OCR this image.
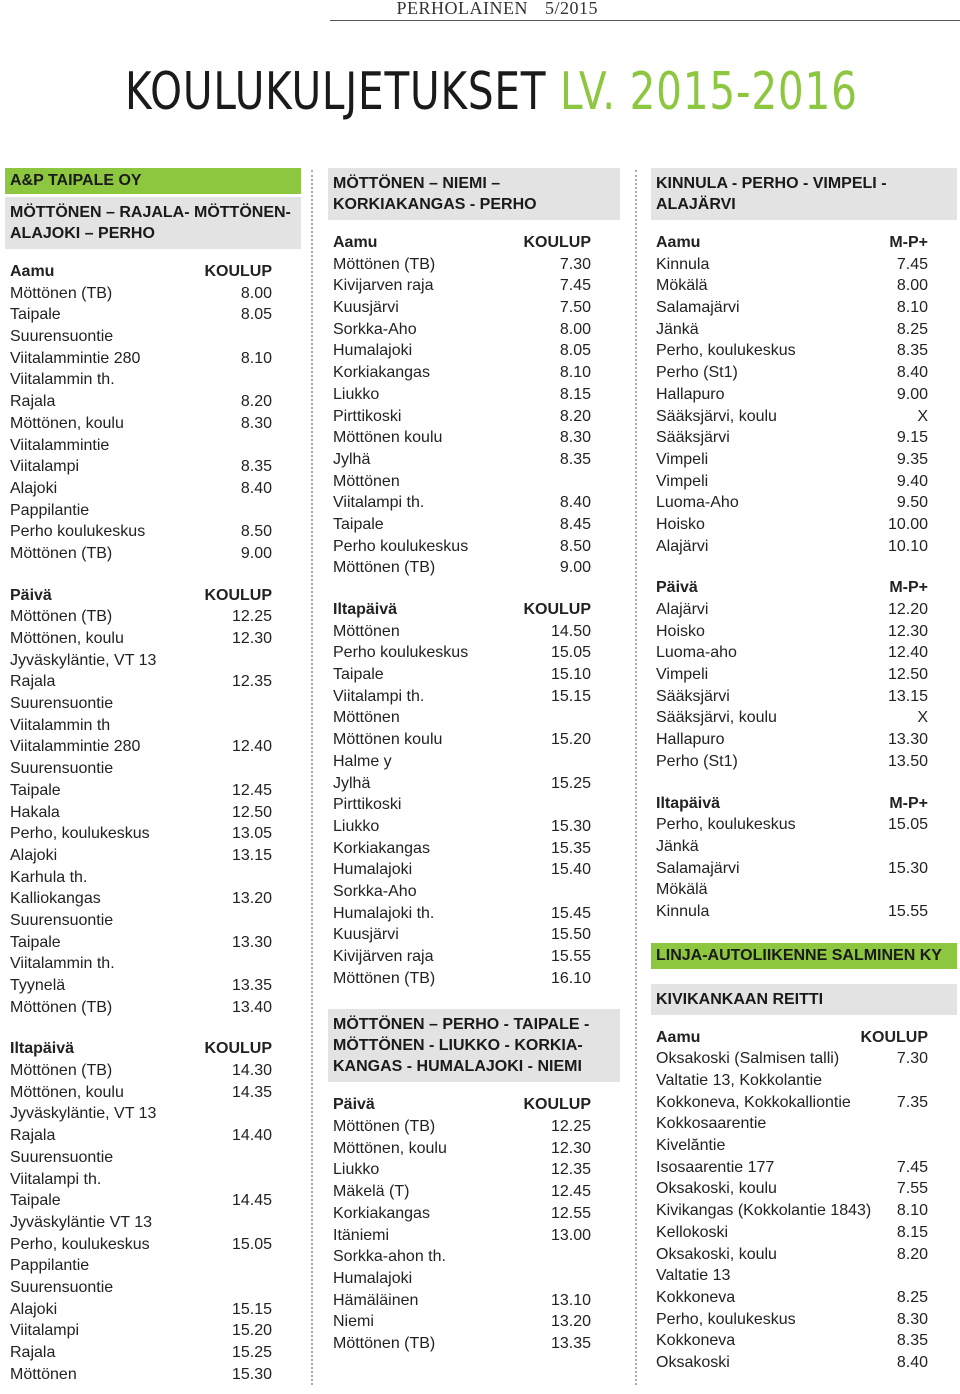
PERHOLAINEN 5/2015
KOULUKULJETUKSET LV. 2015-2016
A&P TAIPALE OY
MÖTTÖNEN – RAJALA- MÖTTÖNEN- ALAJOKI – PERHO
Aamu	KOULUP
Möttönen (TB)	8.00
Taipale	8.05
Suurensuontie
Viitalammintie 280	8.10
Viitalammin th.
Rajala	8.20
Möttönen, koulu	8.30
Viitalammintie
Viitalampi	8.35
Alajoki	8.40
Pappilantie
Perho koulukeskus	8.50
Möttönen (TB)	9.00
Päivä	KOULUP
Möttönen (TB)	12.25
Möttönen, koulu	12.30
Jyväskyläntie, VT 13
Rajala	12.35
Suurensuontie
Viitalammin th
Viitalammintie 280	12.40
Suurensuontie
Taipale	12.45
Hakala	12.50
Perho, koulukeskus	13.05
Alajoki	13.15
Karhula th.
Kalliokangas	13.20
Suurensuontie
Taipale	13.30
Viitalammin th.
Tyynelä	13.35
Möttönen (TB)	13.40
Iltapäivä	KOULUP
Möttönen (TB)	14.30
Möttönen, koulu	14.35
Jyväskyläntie, VT 13
Rajala	14.40
Suurensuontie
Viitalampi th.
Taipale	14.45
Jyväskyläntie VT 13
Perho, koulukeskus	15.05
Pappilantie
Suurensuontie
Alajoki	15.15
Viitalampi	15.20
Rajala	15.25
Möttönen	15.30
MÖTTÖNEN – NIEMI – KORKIAKANGAS - PERHO
Aamu	KOULUP
Möttönen (TB)	7.30
Kivijarven raja	7.45
Kuusjärvi	7.50
Sorkka-Aho	8.00
Humalajoki	8.05
Korkiakangas	8.10
Liukko	8.15
Pirttikoski	8.20
Möttönen koulu	8.30
Jylhä	8.35
Möttönen
Viitalampi th.	8.40
Taipale	8.45
Perho koulukeskus	8.50
Möttönen (TB)	9.00
Iltapäivä	KOULUP
Möttönen	14.50
Perho koulukeskus	15.05
Taipale	15.10
Viitalampi th.	15.15
Möttönen
Möttönen koulu	15.20
Halme y
Jylhä	15.25
Pirttikoski
Liukko	15.30
Korkiakangas	15.35
Humalajoki	15.40
Sorkka-Aho
Humalajoki th.	15.45
Kuusjärvi	15.50
Kivijärven raja	15.55
Möttönen (TB)	16.10
MÖTTÖNEN – PERHO - TAIPALE - MÖTTÖNEN - LIUKKO - KORKIA-KANGAS - HUMALAJOKI - NIEMI
Päivä	KOULUP
Möttönen (TB)	12.25
Möttönen, koulu	12.30
Liukko	12.35
Mäkelä (T)	12.45
Korkiakangas	12.55
Itäniemi	13.00
Sorkka-ahon th.
Humalajoki
Hämäläinen	13.10
Niemi	13.20
Möttönen (TB)	13.35
KINNULA - PERHO - VIMPELI - ALAJÄRVI
Aamu	M-P+
Kinnula	7.45
Mökälä	8.00
Salamajärvi	8.10
Jänkä	8.25
Perho, koulukeskus	8.35
Perho (St1)	8.40
Hallapuro	9.00
Sääksjärvi, koulu	X
Sääksjärvi	9.15
Vimpeli	9.35
Vimpeli	9.40
Luoma-Aho	9.50
Hoisko	10.00
Alajärvi	10.10
Päivä	M-P+
Alajärvi	12.20
Hoisko	12.30
Luoma-aho	12.40
Vimpeli	12.50
Sääksjärvi	13.15
Sääksjärvi, koulu	X
Hallapuro	13.30
Perho (St1)	13.50
Iltapäivä	M-P+
Perho, koulukeskus	15.05
Jänkä
Salamajärvi	15.30
Mökälä
Kinnula	15.55
LINJA-AUTOLIIKENNE SALMINEN KY
KIVIKANKAAN REITTI
Aamu	KOULUP
Oksakoski (Salmisen talli)	7.30
Valtatie 13, Kokkolantie
Kokkoneva, Kokkokalliontie	7.35
Kokkosaarentie
Kivelăntie
Isosaarentie 177	7.45
Oksakoski, koulu	7.55
Kivikangas (Kokkolantie 1843) 8.10
Kellokoski	8.15
Oksakoski, koulu	8.20
Valtatie 13
Kokkoneva	8.25
Perho, koulukeskus	8.30
Kokkoneva	8.35
Oksakoski	8.40
